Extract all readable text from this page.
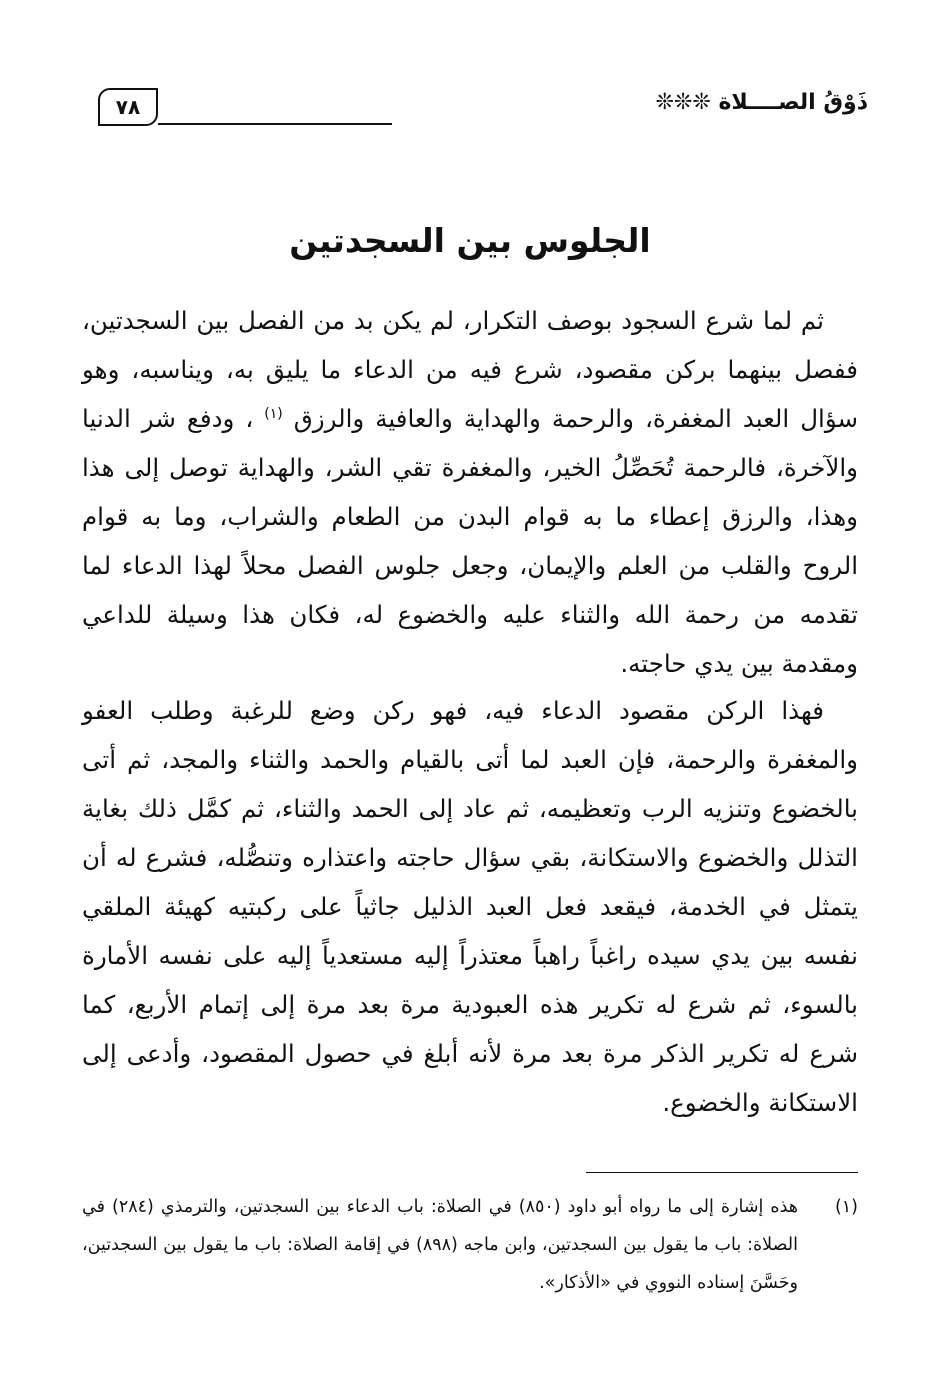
٧٨	ذَوْقُ الصــــلاة ❊❊❊
الجلوس بين السجدتين

ثم لما شرع السجود بوصف التكرار، لم يكن بد من الفصل بين السجدتين، ففصل بينهما بركن مقصود، شرع فيه من الدعاء ما يليق به، ويناسبه، وهو سؤال العبد المغفرة، والرحمة والهداية والعافية والرزق $^{(١)}$ ، ودفع شر الدنيا والآخرة، فالرحمة تُحَصِّلُ الخير، والمغفرة تقي الشر، والهداية توصل إلى هذا وهذا، والرزق إعطاء ما به قوام البدن من الطعام والشراب، وما به قوام الروح والقلب من العلم والإيمان، وجعل جلوس الفصل محلاً لهذا الدعاء لما تقدمه من رحمة الله والثناء عليه والخضوع له، فكان هذا وسيلة للداعي ومقدمة بين يدي حاجته.

فهذا الركن مقصود الدعاء فيه، فهو ركن وضع للرغبة وطلب العفو والمغفرة والرحمة، فإن العبد لما أتى بالقيام والحمد والثناء والمجد، ثم أتى بالخضوع وتنزيه الرب وتعظيمه، ثم عاد إلى الحمد والثناء، ثم كمَّل ذلك بغاية التذلل والخضوع والاستكانة، بقي سؤال حاجته واعتذاره وتنصُّله، فشرع له أن يتمثل في الخدمة، فيقعد فعل العبد الذليل جاثياً على ركبتيه كهيئة الملقي نفسه بين يدي سيده راغباً راهباً معتذراً إليه مستعدياً إليه على نفسه الأمارة بالسوء، ثم شرع له تكرير هذه العبودية مرة بعد مرة إلى إتمام الأربع، كما شرع له تكرير الذكر مرة بعد مرة لأنه أبلغ في حصول المقصود، وأدعى إلى الاستكانة والخضوع.

(١)
هذه إشارة إلى ما رواه أبو داود (٨٥٠) في الصلاة: باب الدعاء بين السجدتين، والترمذي (٢٨٤) في الصلاة: باب ما يقول بين السجدتين، وابن ماجه (٨٩٨) في إقامة الصلاة: باب ما يقول بين السجدتين، وحَسَّنَ إسناده النووي في «الأذكار».
